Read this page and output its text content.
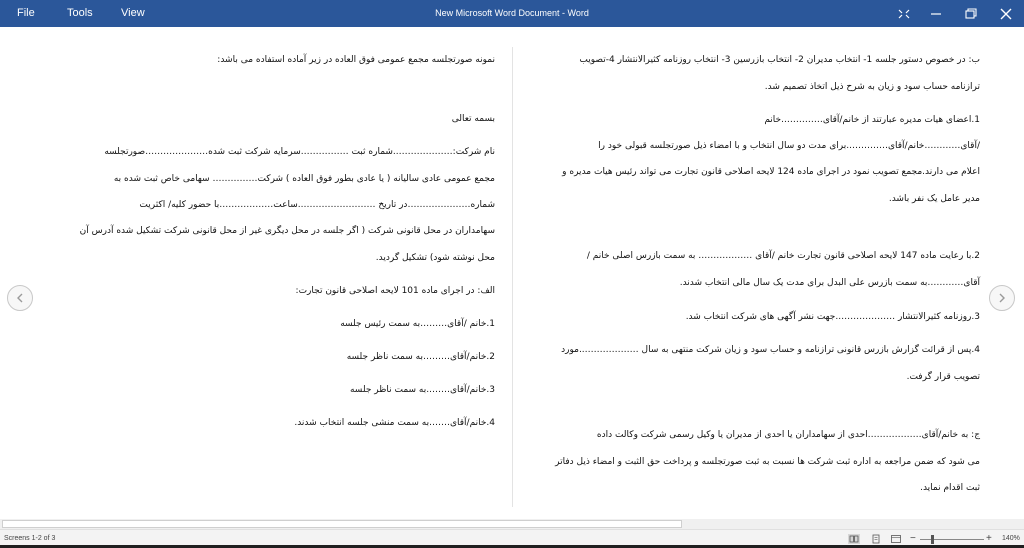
File	Tools	View	New Microsoft Word Document - Word
ب: در خصوص دستور جلسه 1- انتخاب مدیران 2- انتخاب بازرسین 3- انتخاب روزنامه کثیرالانتشار 4-تصویب
ترازنامه حساب سود و زیان به شرح ذیل اتخاذ تصمیم شد.
1.اعضای هیات مدیره عبارتند از خانم/آقای…………..خانم
/آقای…………خانم/آقای…………..برای مدت دو سال انتخاب و با امضاء ذیل صورتجلسه قبولی خود را
اعلام می دارند.مجمع تصویب نمود در اجرای ماده 124 لایحه اصلاحی قانون تجارت می تواند رئیس هیات مدیره و
مدیر عامل یک نفر باشد.
2.با رعایت ماده 147 لایحه اصلاحی قانون تجارت خانم /آقای ……………… به سمت بازرس اصلی خانم /
آقای…………به سمت بازرس علی البدل برای مدت یک سال مالی انتخاب شدند.
3.روزنامه کثیرالانتشار ………………..جهت نشر آگهی های شرکت انتخاب شد.
4.پس از قرائت گزارش بازرس قانونی ترازنامه و حساب سود و زیان شرکت منتهی به سال ………………..مورد
تصویب قرار گرفت.
ج: به خانم/آقای………………احدی از سهامداران یا احدی از مدیران یا وکیل رسمی شرکت وکالت داده
می شود که ضمن مراجعه به اداره ثبت شرکت ها نسبت به ثبت صورتجلسه و پرداخت حق الثبت و امضاء ذیل دفاتر
ثبت اقدام نماید.
نمونه صورتجلسه مجمع عمومی فوق العاده در زیر آماده استفاده می باشد:
بسمه تعالی
نام شرکت:………………..شماره ثبت …………….سرمایه شرکت ثبت شده…………………صورتجلسه
مجمع عمومی عادی سالیانه ( یا عادی بطور فوق العاده ) شرکت…………… سهامی خاص ثبت شده به
شماره…………………در تاریخ ……………………..ساعت………………با حضور کلیه/ اکثریت
سهامداران در محل قانونی شرکت ( اگر جلسه در محل دیگری غیر از محل قانونی شرکت تشکیل شده آدرس آن
محل نوشته شود) تشکیل گردید.
الف: در اجرای ماده 101 لایحه اصلاحی قانون تجارت:
1.خانم /آقای………به سمت رئیس جلسه
2.خانم/آقای………به سمت ناظر جلسه
3.خانم/آقای……..به سمت ناظر جلسه
4.خانم/آقای…….به سمت منشی جلسه انتخاب شدند.
Screens 1-2 of 3	−	+ 140%
